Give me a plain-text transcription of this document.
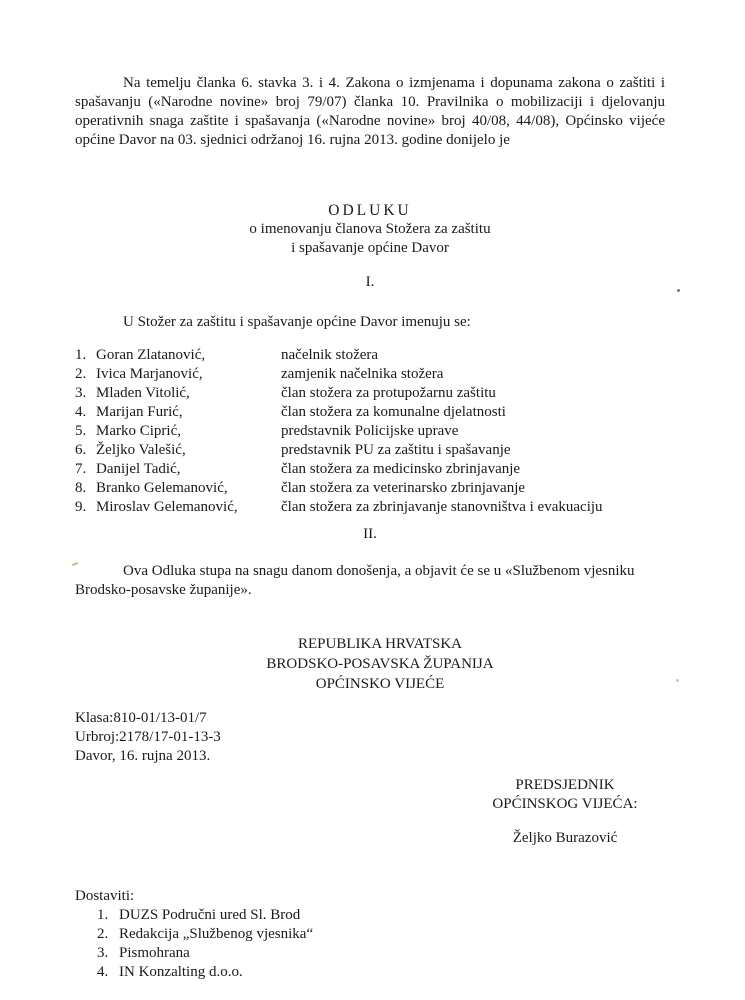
Na temelju članka 6. stavka 3. i 4. Zakona o izmjenama i dopunama zakona o zaštiti i spašavanju («Narodne novine» broj 79/07) članka 10. Pravilnika o mobilizaciji i djelovanju operativnih snaga zaštite i spašavanja («Narodne novine» broj 40/08, 44/08), Općinsko vijeće općine Davor na 03. sjednici održanoj 16. rujna 2013. godine donijelo je

ODLUKU
o imenovanju članova Stožera za zaštitu
i spašavanje općine Davor
I.
U Stožer za zaštitu i spašavanje općine Davor imenuju se:
1. Goran Zlatanović,	načelnik stožera
2. Ivica Marjanović,	zamjenik načelnika stožera
3. Mladen Vitolić,	član stožera za protupožarnu zaštitu
4. Marijan Furić,	član stožera za komunalne djelatnosti
5. Marko Ciprić,	predstavnik Policijske uprave
6. Željko Valešić,	predstavnik PU za zaštitu i spašavanje
7. Danijel Tadić,	član stožera za medicinsko zbrinjavanje
8. Branko Gelemanović,	član stožera za veterinarsko zbrinjavanje
9. Miroslav Gelemanović,	član stožera za zbrinjavanje stanovništva i evakuaciju
II.

Ova Odluka stupa na snagu danom donošenja, a objavit će se u «Službenom vjesniku Brodsko-posavske županije».

REPUBLIKA HRVATSKA
BRODSKO-POSAVSKA ŽUPANIJA
OPĆINSKO VIJEĆE
Klasa:810-01/13-01/7
Urbroj:2178/17-01-13-3
Davor, 16. rujna 2013.
PREDSJEDNIK
OPĆINSKOG VIJEĆA:
Željko Burazović
Dostaviti:
1. DUZS Područni ured Sl. Brod
2. Redakcija „Službenog vjesnika“
3. Pismohrana
4. IN Konzalting d.o.o.
